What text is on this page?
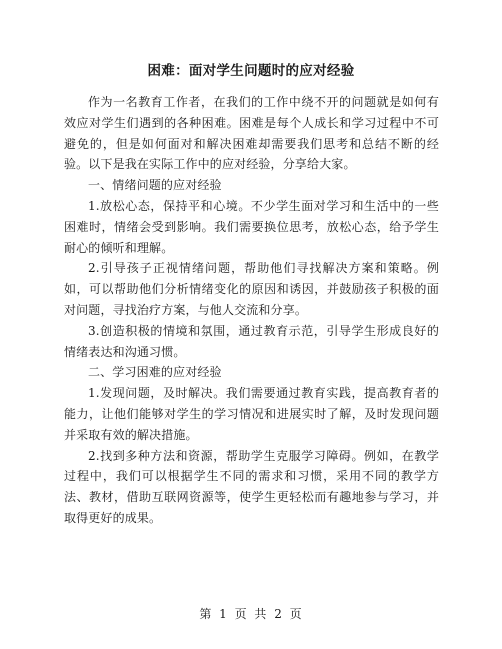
困难：面对学生问题时的应对经验

作为一名教育工作者，在我们的工作中绕不开的问题就是如何有效应对学生们遇到的各种困难。困难是每个人成长和学习过程中不可避免的，但是如何面对和解决困难却需要我们思考和总结不断的经验。以下是我在实际工作中的应对经验，分享给大家。

一、情绪问题的应对经验

1.放松心态，保持平和心境。不少学生面对学习和生活中的一些困难时，情绪会受到影响。我们需要换位思考，放松心态，给予学生耐心的倾听和理解。

2.引导孩子正视情绪问题，帮助他们寻找解决方案和策略。例如，可以帮助他们分析情绪变化的原因和诱因，并鼓励孩子积极的面对问题，寻找治疗方案，与他人交流和分享。

3.创造积极的情境和氛围，通过教育示范，引导学生形成良好的情绪表达和沟通习惯。

二、学习困难的应对经验

1.发现问题，及时解决。我们需要通过教育实践，提高教育者的能力，让他们能够对学生的学习情况和进展实时了解，及时发现问题并采取有效的解决措施。

2.找到多种方法和资源，帮助学生克服学习障碍。例如，在教学过程中，我们可以根据学生不同的需求和习惯，采用不同的教学方法、教材，借助互联网资源等，使学生更轻松而有趣地参与学习，并取得更好的成果。

第 1 页 共 2 页
